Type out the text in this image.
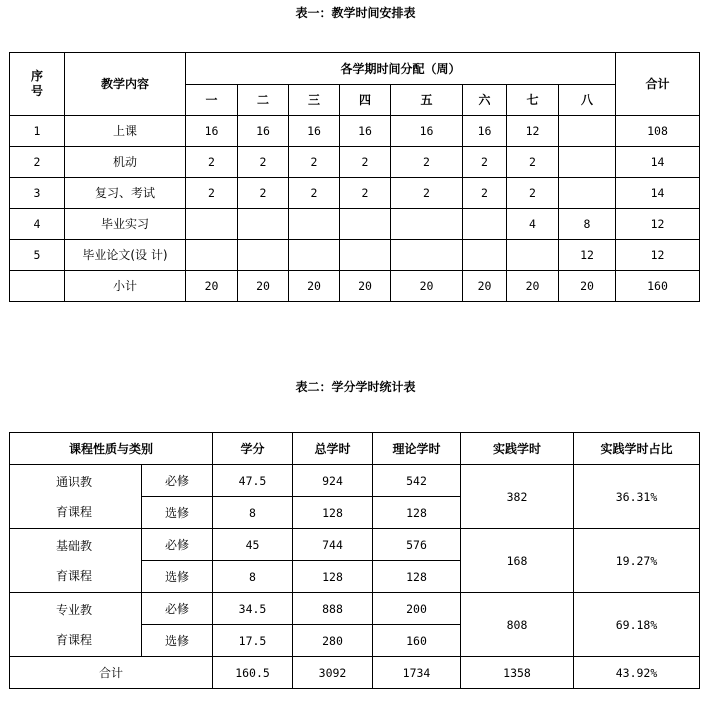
表一：教学时间安排表
序号	教学内容	各学期时间分配（周）								合计
		一	二	三	四	五	六	七	八	
1	上课	16	16	16	16	16	16	12		108
2	机动	2	2	2	2	2	2	2		14
3	复习、考试	2	2	2	2	2	2	2		14
4	毕业实习							4	8	12
5	毕业论文(设 计)								12	12
	小计	20	20	20	20	20	20	20	20	160
表二：学分学时统计表
课程性质与类别		学分	总学时	理论学时	实践学时	实践学时占比

通识教
育课程	必修	47.5	924	542	382	36.31%
	选修	8	128	128		

基础教
育课程	必修	45	744	576	168	19.27%
	选修	8	128	128		

专业教
育课程	必修	34.5	888	200	808	69.18%
	选修	17.5	280	160		
合计		160.5	3092	1734	1358	43.92%
